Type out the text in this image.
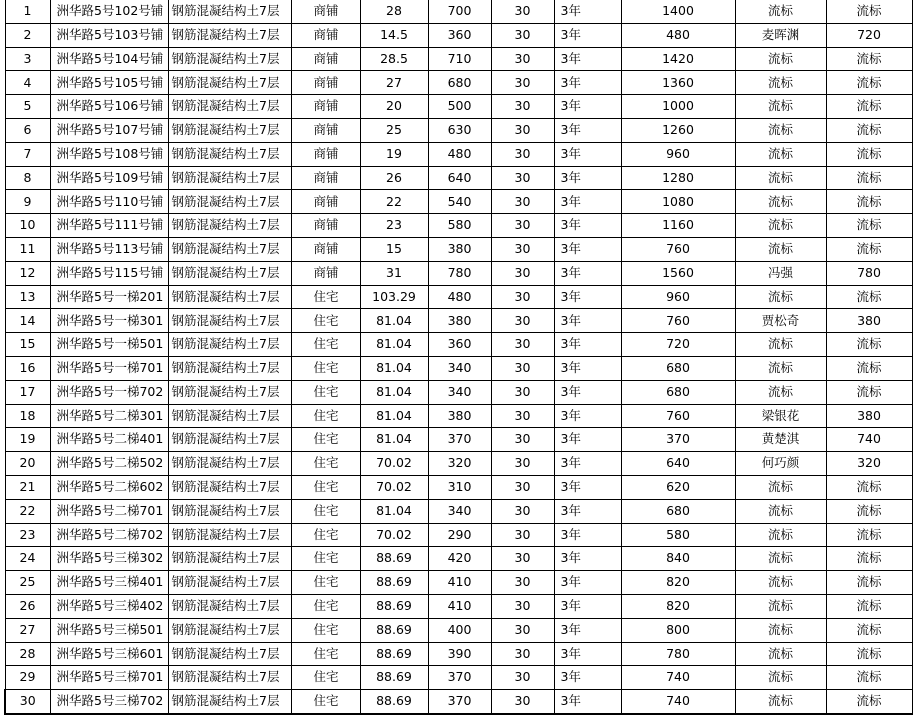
1	洲华路5号102号铺	钢筋混凝结构土7层	商铺	28	700	30	3年	1400	流标	流标
2	洲华路5号103号铺	钢筋混凝结构土7层	商铺	14.5	360	30	3年	480	麦晖渊	720
3	洲华路5号104号铺	钢筋混凝结构土7层	商铺	28.5	710	30	3年	1420	流标	流标
4	洲华路5号105号铺	钢筋混凝结构土7层	商铺	27	680	30	3年	1360	流标	流标
5	洲华路5号106号铺	钢筋混凝结构土7层	商铺	20	500	30	3年	1000	流标	流标
6	洲华路5号107号铺	钢筋混凝结构土7层	商铺	25	630	30	3年	1260	流标	流标
7	洲华路5号108号铺	钢筋混凝结构土7层	商铺	19	480	30	3年	960	流标	流标
8	洲华路5号109号铺	钢筋混凝结构土7层	商铺	26	640	30	3年	1280	流标	流标
9	洲华路5号110号铺	钢筋混凝结构土7层	商铺	22	540	30	3年	1080	流标	流标
10	洲华路5号111号铺	钢筋混凝结构土7层	商铺	23	580	30	3年	1160	流标	流标
11	洲华路5号113号铺	钢筋混凝结构土7层	商铺	15	380	30	3年	760	流标	流标
12	洲华路5号115号铺	钢筋混凝结构土7层	商铺	31	780	30	3年	1560	冯强	780
13	洲华路5号一梯201	钢筋混凝结构土7层	住宅	103.29	480	30	3年	960	流标	流标
14	洲华路5号一梯301	钢筋混凝结构土7层	住宅	81.04	380	30	3年	760	贾松奇	380
15	洲华路5号一梯501	钢筋混凝结构土7层	住宅	81.04	360	30	3年	720	流标	流标
16	洲华路5号一梯701	钢筋混凝结构土7层	住宅	81.04	340	30	3年	680	流标	流标
17	洲华路5号一梯702	钢筋混凝结构土7层	住宅	81.04	340	30	3年	680	流标	流标
18	洲华路5号二梯301	钢筋混凝结构土7层	住宅	81.04	380	30	3年	760	梁银花	380
19	洲华路5号二梯401	钢筋混凝结构土7层	住宅	81.04	370	30	3年	370	黄楚淇	740
20	洲华路5号二梯502	钢筋混凝结构土7层	住宅	70.02	320	30	3年	640	何巧颜	320
21	洲华路5号二梯602	钢筋混凝结构土7层	住宅	70.02	310	30	3年	620	流标	流标
22	洲华路5号二梯701	钢筋混凝结构土7层	住宅	81.04	340	30	3年	680	流标	流标
23	洲华路5号二梯702	钢筋混凝结构土7层	住宅	70.02	290	30	3年	580	流标	流标
24	洲华路5号三梯302	钢筋混凝结构土7层	住宅	88.69	420	30	3年	840	流标	流标
25	洲华路5号三梯401	钢筋混凝结构土7层	住宅	88.69	410	30	3年	820	流标	流标
26	洲华路5号三梯402	钢筋混凝结构土7层	住宅	88.69	410	30	3年	820	流标	流标
27	洲华路5号三梯501	钢筋混凝结构土7层	住宅	88.69	400	30	3年	800	流标	流标
28	洲华路5号三梯601	钢筋混凝结构土7层	住宅	88.69	390	30	3年	780	流标	流标
29	洲华路5号三梯701	钢筋混凝结构土7层	住宅	88.69	370	30	3年	740	流标	流标
30	洲华路5号三梯702	钢筋混凝结构土7层	住宅	88.69	370	30	3年	740	流标	流标
